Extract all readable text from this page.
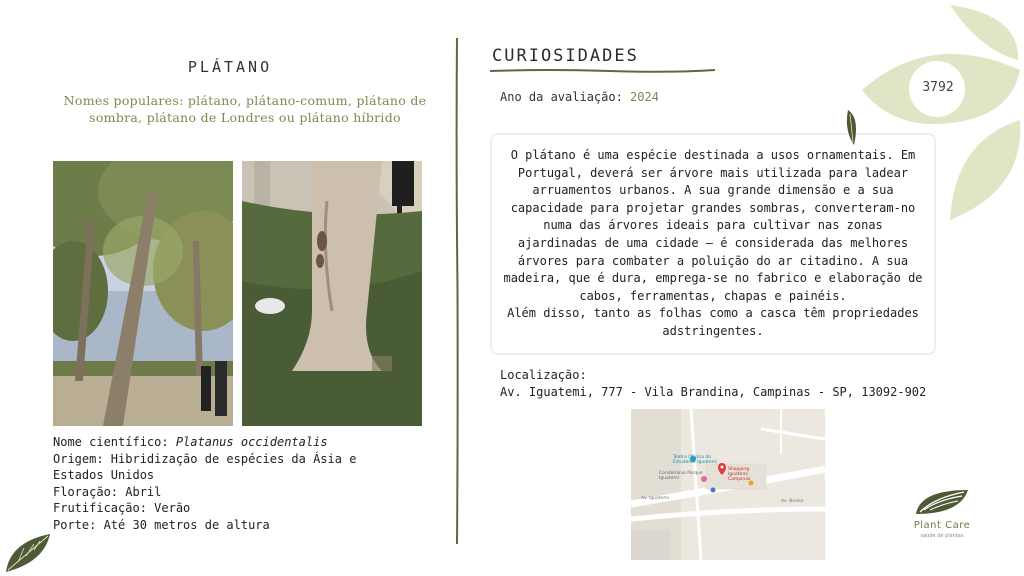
PLÁTANO
Nomes populares: plátano, plátano-comum, plátano de sombra, plátano de Londres ou plátano híbrido
Nome científico: Platanus occidentalis
Origem: Hibridização de espécies da Ásia e Estados Unidos
Floração: Abril
Frutificação: Verão
Porte: Até 30 metros de altura
CURIOSIDADES
Ano da avaliação: 2024
O plátano é uma espécie destinada a usos ornamentais. Em Portugal, deverá ser árvore mais utilizada para ladear arruamentos urbanos. A sua grande dimensão e a sua capacidade para projetar grandes sombras, converteram-no numa das árvores ideais para cultivar nas zonas ajardinadas de uma cidade – é considerada das melhores árvores para combater a poluição do ar citadino. A sua madeira, que é dura, emprega-se no fabrico e elaboração de cabos, ferramentas, chapas e painéis.
Além disso, tanto as folhas como a casca têm propriedades adstringentes.
Localização:
Av. Iguatemi, 777 - Vila Brandina, Campinas - SP, 13092-902
Teatro Oficina do Estudante Iguatemi
Shopping Iguatemi Campinas
Condomínio Parque Iguatemi
Av. Iguatemi
Av. Nestor
3792
Plant Care
saúde de plantas
